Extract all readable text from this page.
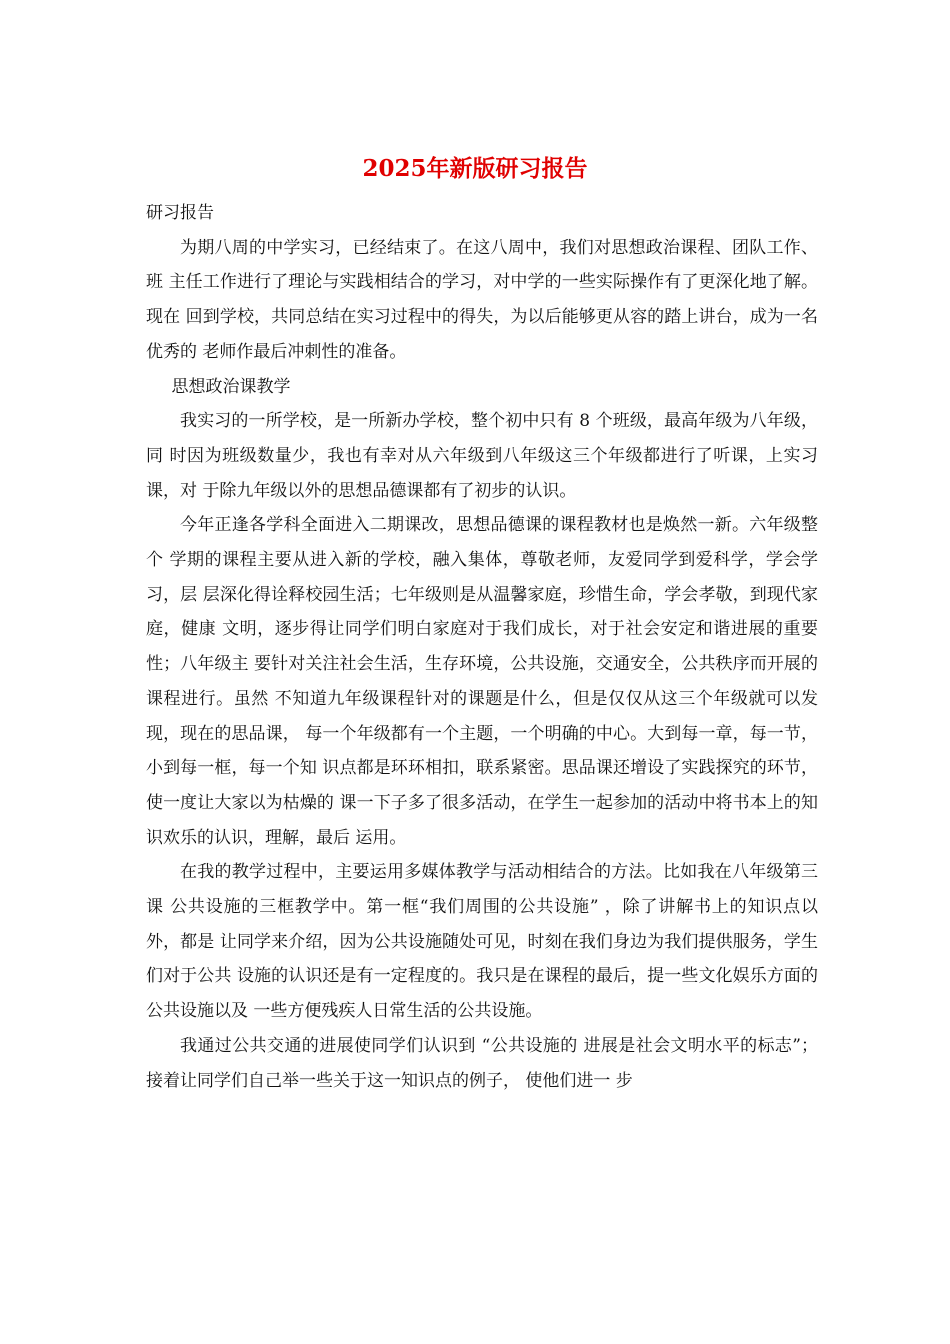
2025年新版研习报告

研习报告

为期八周的中学实习，已经结束了。在这八周中，我们对思想政治课程、团队工作、班 主任工作进行了理论与实践相结合的学习，对中学的一些实际操作有了更深化地了解。现在 回到学校，共同总结在实习过程中的得失，为以后能够更从容的踏上讲台，成为一名优秀的 老师作最后冲刺性的准备。

思想政治课教学

我实习的一所学校，是一所新办学校，整个初中只有 8 个班级，最高年级为八年级，同 时因为班级数量少，我也有幸对从六年级到八年级这三个年级都进行了听课，上实习课，对 于除九年级以外的思想品德课都有了初步的认识。

今年正逢各学科全面进入二期课改，思想品德课的课程教材也是焕然一新。六年级整个 学期的课程主要从进入新的学校，融入集体，尊敬老师，友爱同学到爱科学，学会学习，层 层深化得诠释校园生活；七年级则是从温馨家庭，珍惜生命，学会孝敬，到现代家庭，健康 文明，逐步得让同学们明白家庭对于我们成长，对于社会安定和谐进展的重要性；八年级主 要针对关注社会生活，生存环境，公共设施，交通安全，公共秩序而开展的课程进行。虽然 不知道九年级课程针对的课题是什么，但是仅仅从这三个年级就可以发现，现在的思品课， 每一个年级都有一个主题，一个明确的中心。大到每一章，每一节，小到每一框，每一个知 识点都是环环相扣，联系紧密。思品课还增设了实践探究的环节，使一度让大家以为枯燥的 课一下子多了很多活动，在学生一起参加的活动中将书本上的知识欢乐的认识，理解，最后 运用。

在我的教学过程中，主要运用多媒体教学与活动相结合的方法。比如我在八年级第三课 公共设施的三框教学中。第一框“我们周围的公共设施” ，除了讲解书上的知识点以外，都是 让同学来介绍，因为公共设施随处可见，时刻在我们身边为我们提供服务，学生们对于公共 设施的认识还是有一定程度的。我只是在课程的最后，提一些文化娱乐方面的公共设施以及 一些方便残疾人日常生活的公共设施。

我通过公共交通的进展使同学们认识到 “公共设施的 进展是社会文明水平的标志”；接着让同学们自己举一些关于这一知识点的例子， 使他们进一 步
